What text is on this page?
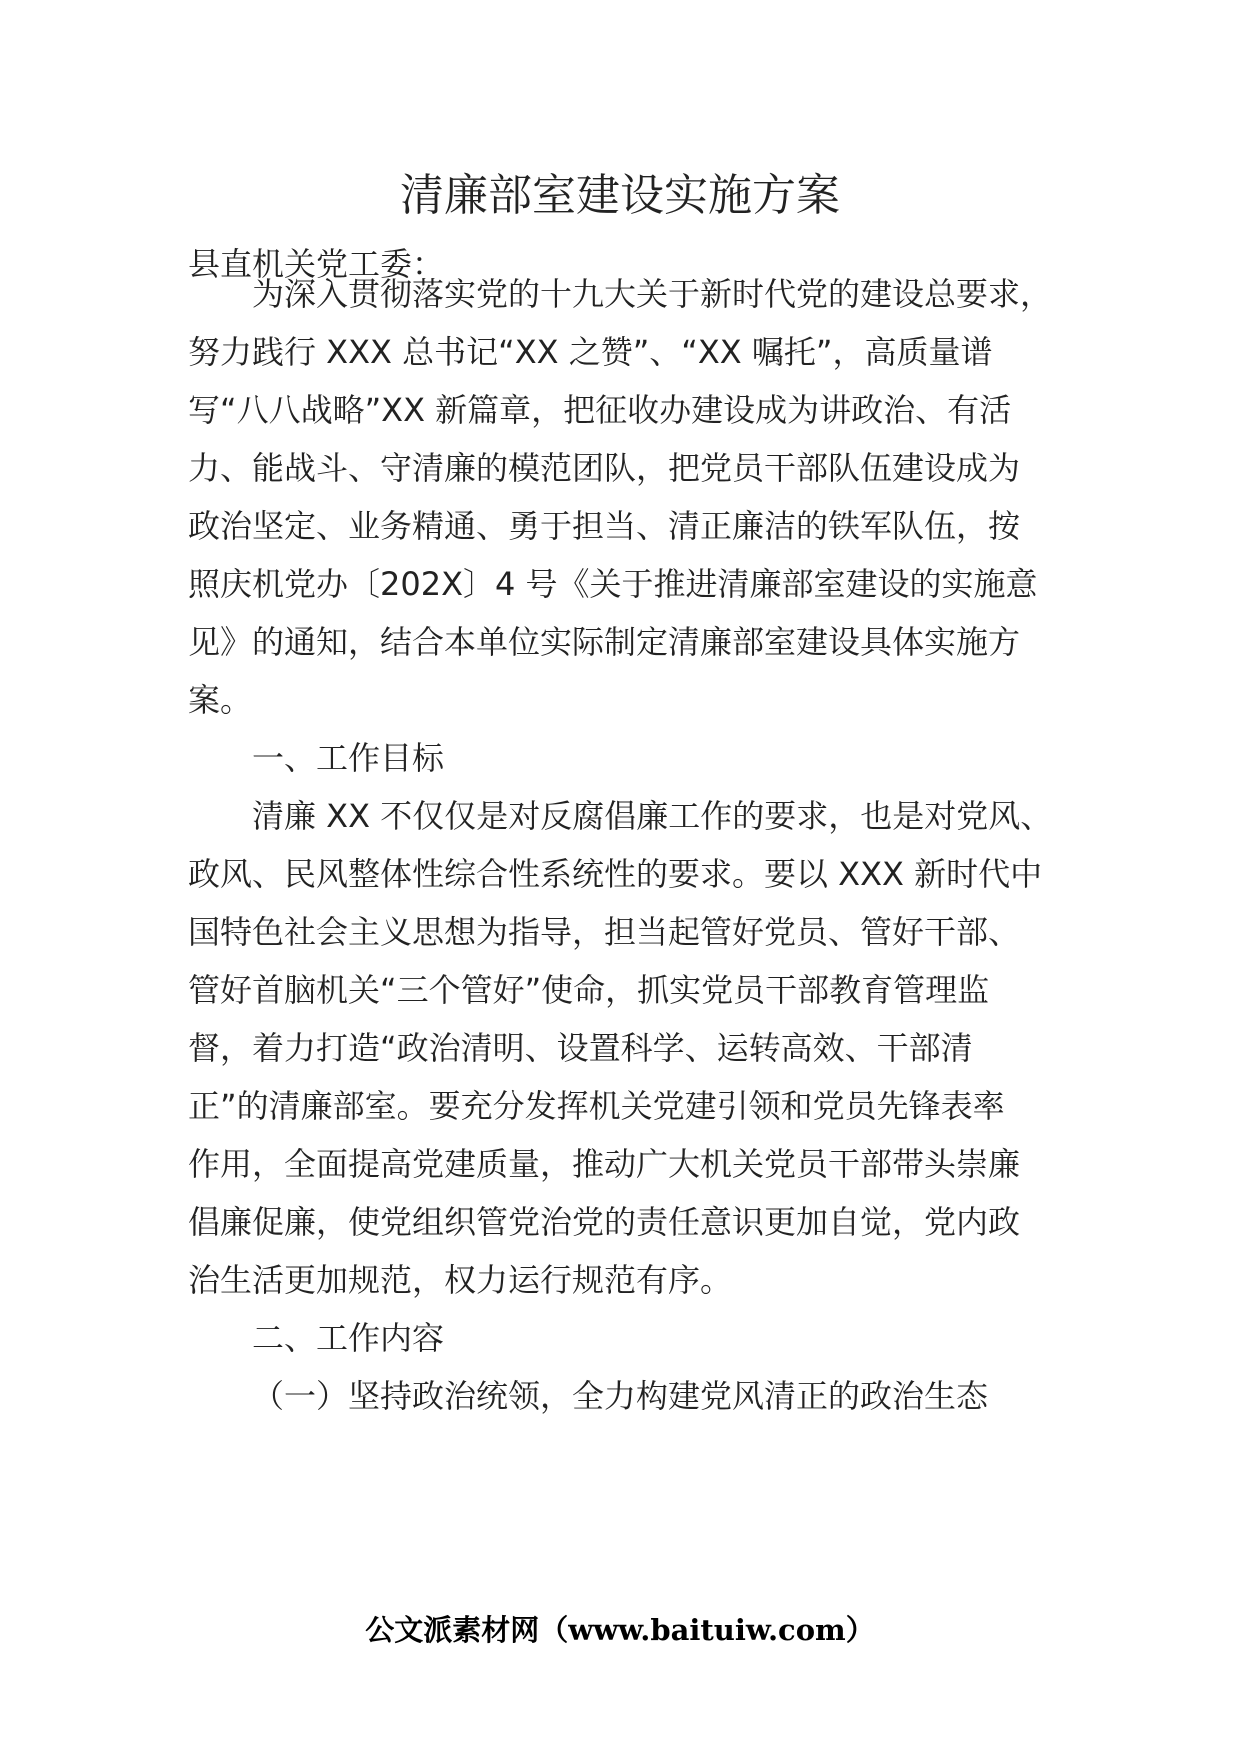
清廉部室建设实施方案

县直机关党工委：

为深入贯彻落实党的十九大关于新时代党的建设总要求，

努力践行 XXX 总书记“XX 之赞”、“XX 嘱托”，高质量谱

写“八八战略”XX 新篇章，把征收办建设成为讲政治、有活

力、能战斗、守清廉的模范团队，把党员干部队伍建设成为

政治坚定、业务精通、勇于担当、清正廉洁的铁军队伍，按

照庆机党办〔202X〕4 号《关于推进清廉部室建设的实施意

见》的通知，结合本单位实际制定清廉部室建设具体实施方

案。

一、工作目标

清廉 XX 不仅仅是对反腐倡廉工作的要求，也是对党风、

政风、民风整体性综合性系统性的要求。要以 XXX 新时代中

国特色社会主义思想为指导，担当起管好党员、管好干部、

管好首脑机关“三个管好”使命，抓实党员干部教育管理监

督，着力打造“政治清明、设置科学、运转高效、干部清

正”的清廉部室。要充分发挥机关党建引领和党员先锋表率

作用，全面提高党建质量，推动广大机关党员干部带头崇廉

倡廉促廉，使党组织管党治党的责任意识更加自觉，党内政

治生活更加规范，权力运行规范有序。

二、工作内容

（一）坚持政治统领，全力构建党风清正的政治生态

公文派素材网（www.baituiw.com）
